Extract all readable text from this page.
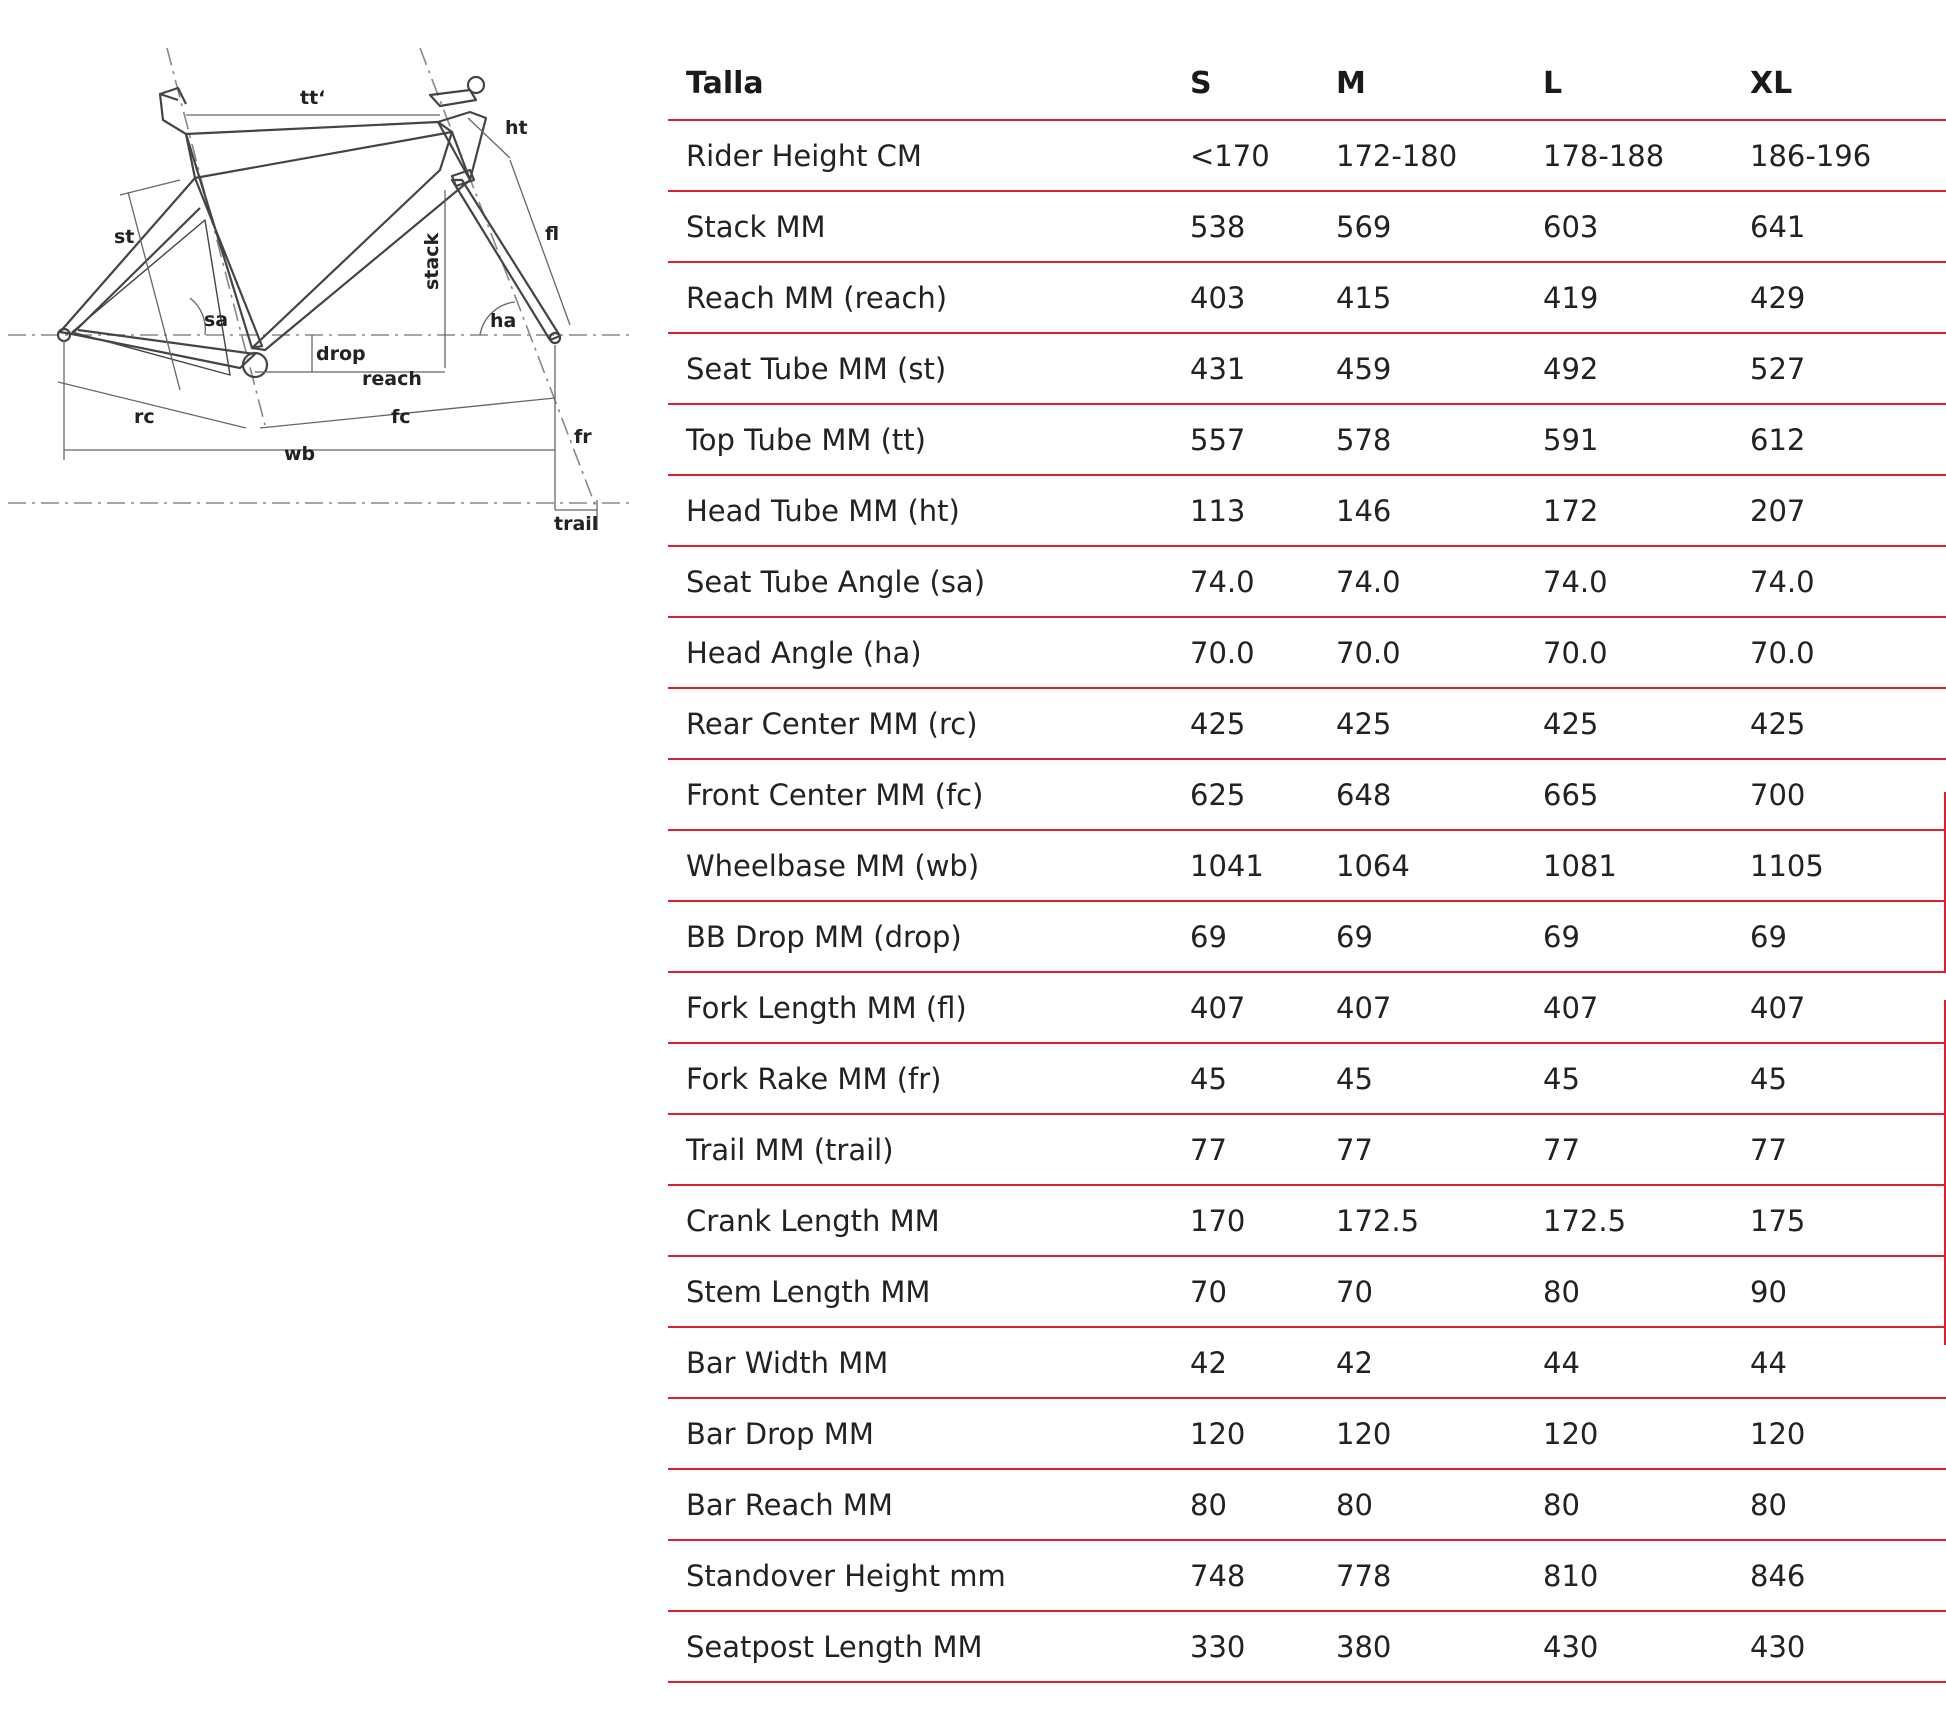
tt‘
ht
st	fl
stack
sa	ha
drop
reach
rc	fc
fr
wb
trail
Talla	S	M	L	XL
Rider Height CM	<170	172-180	178-188	186-196
Stack MM	538	569	603	641
Reach MM (reach)	403	415	419	429
Seat Tube MM (st)	431	459	492	527
Top Tube MM (tt)	557	578	591	612
Head Tube MM (ht)	113	146	172	207
Seat Tube Angle (sa)	74.0	74.0	74.0	74.0
Head Angle (ha)	70.0	70.0	70.0	70.0
Rear Center MM (rc)	425	425	425	425
Front Center MM (fc)	625	648	665	700
Wheelbase MM (wb)	1041	1064	1081	1105
BB Drop MM (drop)	69	69	69	69
Fork Length MM (fl)	407	407	407	407
Fork Rake MM (fr)	45	45	45	45
Trail MM (trail)	77	77	77	77
Crank Length MM	170	172.5	172.5	175
Stem Length MM	70	70	80	90
Bar Width MM	42	42	44	44
Bar Drop MM	120	120	120	120
Bar Reach MM	80	80	80	80
Standover Height mm	748	778	810	846
Seatpost Length MM	330	380	430	430
